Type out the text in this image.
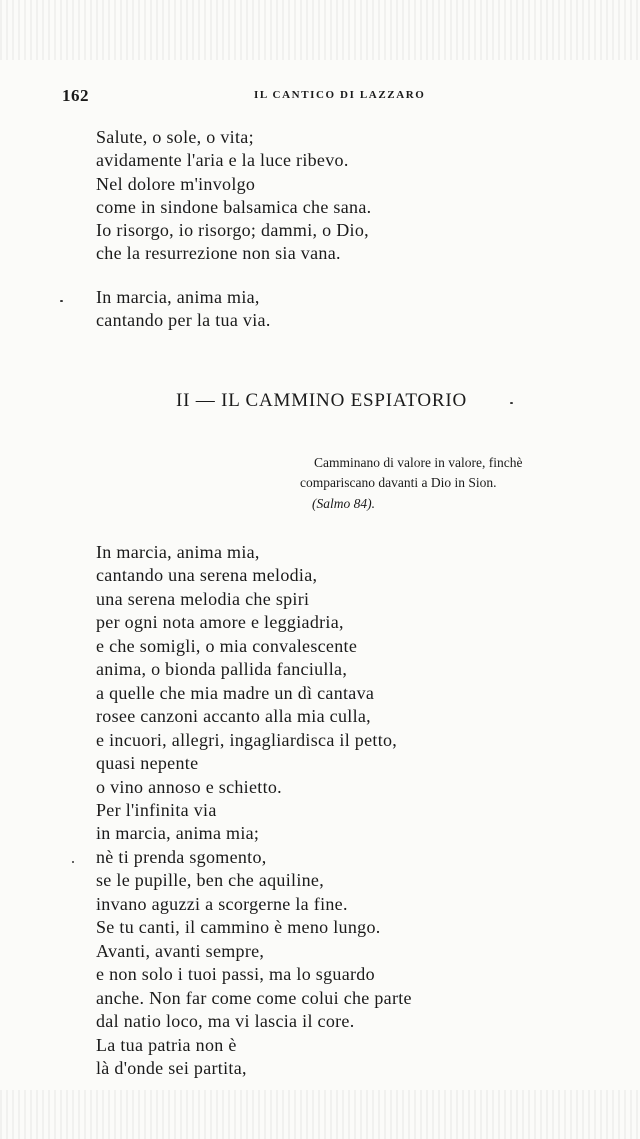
162	IL CANTICO DI LAZZARO
Salute, o sole, o vita;
avidamente l'aria e la luce ribevo.
Nel dolore m'involgo
come in sindone balsamica che sana.
Io risorgo, io risorgo; dammi, o Dio,
che la resurrezione non sia vana.
In marcia, anima mia,
cantando per la tua via.
II — IL CAMMINO ESPIATORIO
Camminano di valore in valore, finchè
compariscano davanti a Dio in Sion.
(Salmo 84).
In marcia, anima mia,
cantando una serena melodia,
una serena melodia che spiri
per ogni nota amore e leggiadria,
e che somigli, o mia convalescente
anima, o bionda pallida fanciulla,
a quelle che mia madre un dì cantava
rosee canzoni accanto alla mia culla,
e incuori, allegri, ingagliardisca il petto,
quasi nepente
o vino annoso e schietto.
Per l'infinita via
in marcia, anima mia;
nè ti prenda sgomento,
se le pupille, ben che aquiline,
invano aguzzi a scorgerne la fine.
Se tu canti, il cammino è meno lungo.
Avanti, avanti sempre,
e non solo i tuoi passi, ma lo sguardo
anche. Non far come come colui che parte
dal natio loco, ma vi lascia il core.
La tua patria non è
là d'onde sei partita,
